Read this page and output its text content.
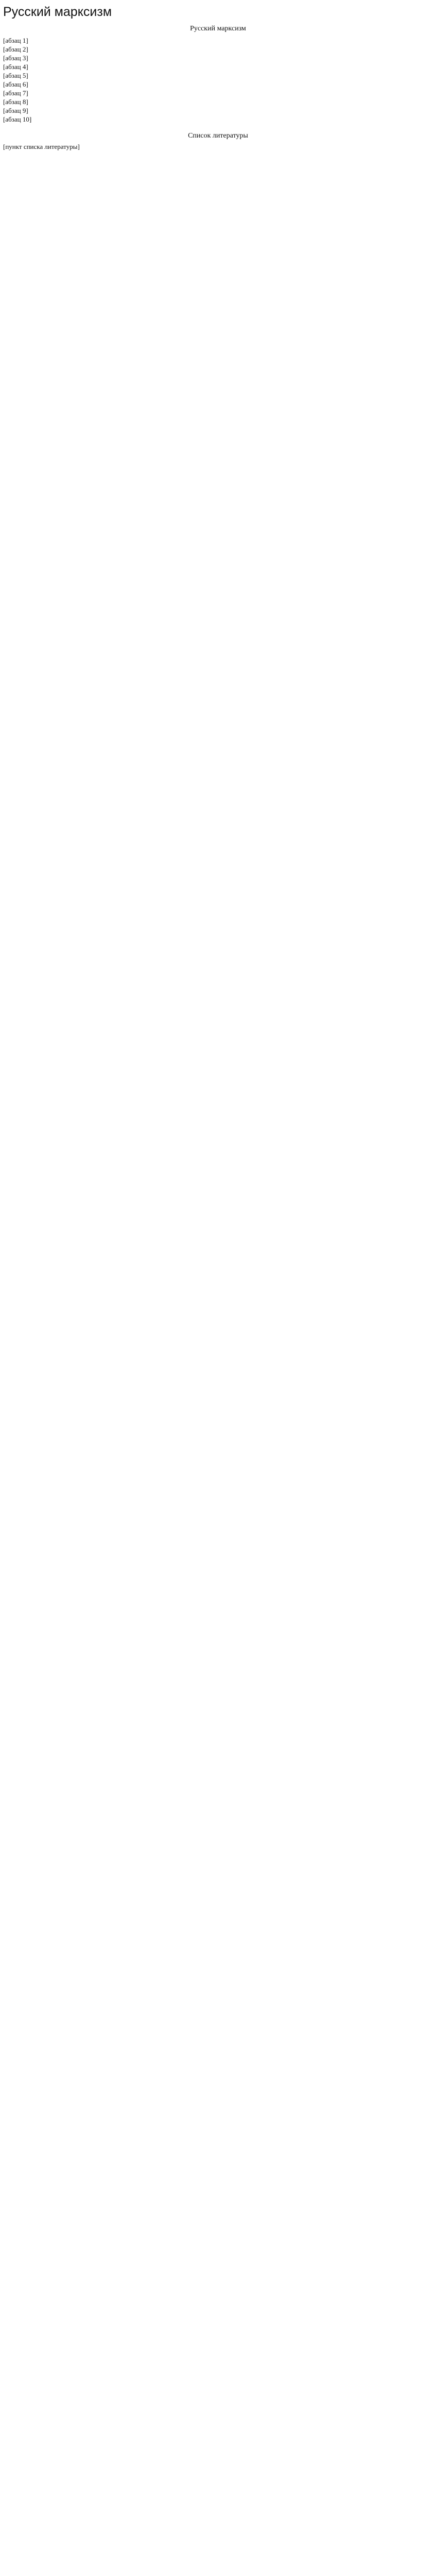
Русский марксизм
Русский марксизм

[абзац 1]

[абзац 2]

[абзац 3]

[абзац 4]

[абзац 5]

[абзац 6]

[абзац 7]

[абзац 8]

[абзац 9]

[абзац 10]

Список литературы
[пункт списка литературы]
